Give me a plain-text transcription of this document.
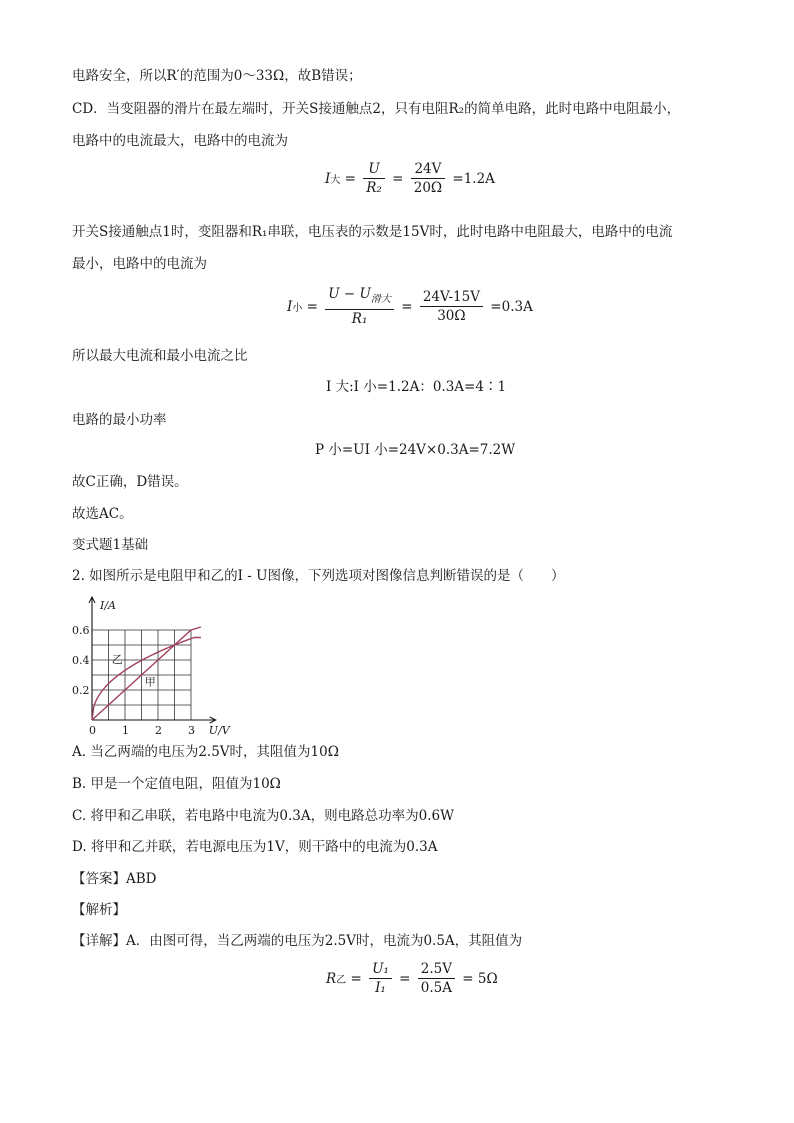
电路安全，所以R′的范围为0～33Ω，故B错误；
CD．当变阻器的滑片在最左端时，开关S接通触点2，只有电阻R₂的简单电路，此时电路中电阻最小，
电路中的电流最大，电路中的电流为
I大 = $\frac{U}{\text{R₂}} = \frac{24V}{20\Omega} =1.2A$
开关S接通触点1时，变阻器和R₁串联，电压表的示数是15V时，此时电路中电阻最大，电路中的电流
最小，电路中的电流为
I小 = $\frac{U - U_{滑大}}{\text{R₁}} = \frac{24V-15V}{30\Omega} =0.3A$
所以最大电流和最小电流之比
I 大:I 小=1.2A：0.3A=4∶1
电路的最小功率
P 小=UI 小=24V×0.3A=7.2W
故C正确，D错误。
故选AC。
变式题1基础
2. 如图所示是电阻甲和乙的I - U图像，下列选项对图像信息判断错误的是（　　）
0.6
0.4
0.2
0 1 2 3
I/A
U/V
乙
甲
A. 当乙两端的电压为2.5V时，其阻值为10Ω
B. 甲是一个定值电阻，阻值为10Ω
C. 将甲和乙串联，若电路中电流为0.3A，则电路总功率为0.6W
D. 将甲和乙并联，若电源电压为1V，则干路中的电流为0.3A
【答案】ABD
【解析】
【详解】A．由图可得，当乙两端的电压为2.5V时，电流为0.5A，其阻值为
R乙 = $\frac{\text{U₁}}{\text{I₁}} = \frac{2.5V}{0.5A} = 5\Omega$
